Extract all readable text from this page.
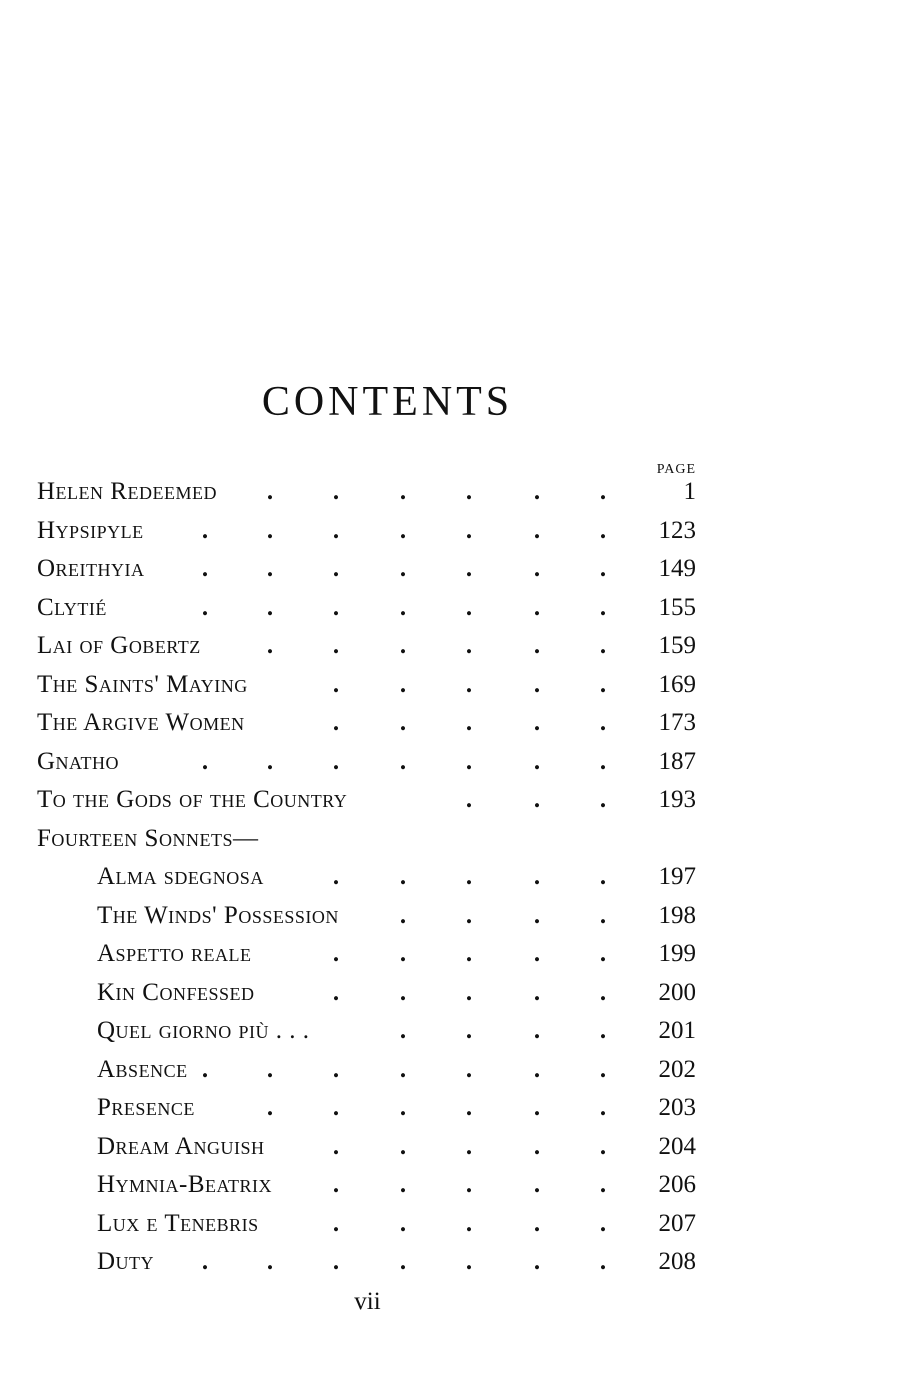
CONTENTS
PAGE
Helen Redeemed . . . . . .	1
Hypsipyle . . . . . . . 123
Oreithyia . . . . . . . 149
Clytié	. . . . . . . 155
Lai of Gobertz	. . . . . . 159
The Saints' Maying	. . . . . 169
The Argive Women	. . . . . 173
Gnatho	. . . . . . . 187
To the Gods of the Country	. . . 193
Fourteen Sonnets—
Alma sdegnosa	. . . . . 197
The Winds' Possession . . . . 198
Aspetto reale	. . . . . 199
Kin Confessed	. . . . . 200
Quel giorno più . . .	. . . . 201
Absence . . . . . . . 202
Presence	. . . . . . 203
Dream Anguish	. . . . . 204
Hymnia-Beatrix . . . . . 206
Lux e Tenebris	. . . . . 207
Duty . . . . . . . 208
vii
